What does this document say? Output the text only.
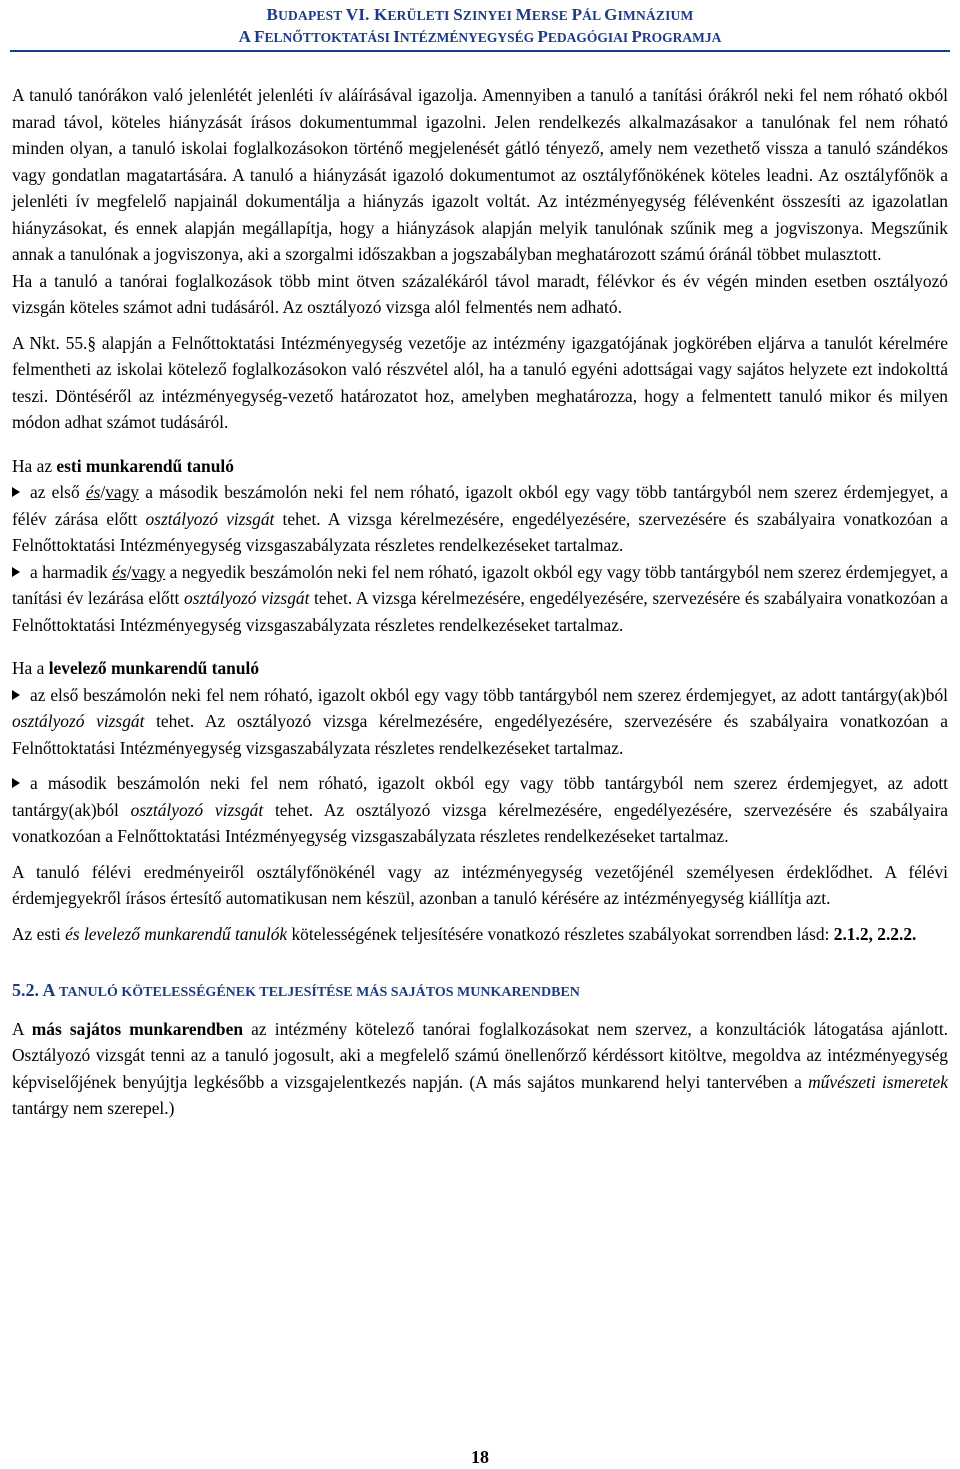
BUDAPEST VI. KERÜLETI SZINYEI MERSE PÁL GIMNÁZIUM
A FELNŐTTOKTATÁSI INTÉZMÉNYEGYSÉG PEDAGÓGIAI PROGRAMJA

A tanuló tanórákon való jelenlétét jelenléti ív aláírásával igazolja. Amennyiben a tanuló a tanítási órákról neki fel nem róható okból marad távol, köteles hiányzását írásos dokumentummal igazolni. Jelen rendelkezés alkalmazásakor a tanulónak fel nem róható minden olyan, a tanuló iskolai foglalkozásokon történő megjelenését gátló tényező, amely nem vezethető vissza a tanuló szándékos vagy gondatlan magatartására. A tanuló a hiányzását igazoló dokumentumot az osztályfőnökének köteles leadni. Az osztályfőnök a jelenléti ív megfelelő napjainál dokumentálja a hiányzás igazolt voltát. Az intézményegység félévenként összesíti az igazolatlan hiányzásokat, és ennek alapján megállapítja, hogy a hiányzások alapján melyik tanulónak szűnik meg a jogviszonya. Megszűnik annak a tanulónak a jogviszonya, aki a szorgalmi időszakban a jogszabályban meghatározott számú óránál többet mulasztott.

Ha a tanuló a tanórai foglalkozások több mint ötven százalékáról távol maradt, félévkor és év végén minden esetben osztályozó vizsgán köteles számot adni tudásáról. Az osztályozó vizsga alól felmentés nem adható.

A Nkt. 55.§ alapján a Felnőttoktatási Intézményegység vezetője az intézmény igazgatójának jogkörében eljárva a tanulót kérelmére felmentheti az iskolai kötelező foglalkozásokon való részvétel alól, ha a tanuló egyéni adottságai vagy sajátos helyzete ezt indokolttá teszi. Döntéséről az intézményegység-vezető határozatot hoz, amelyben meghatározza, hogy a felmentett tanuló mikor és milyen módon adhat számot tudásáról.

Ha az esti munkarendű tanuló

az első és/vagy a második beszámolón neki fel nem róható, igazolt okból egy vagy több tantárgyból nem szerez érdemjegyet, a félév zárása előtt osztályozó vizsgát tehet. A vizsga kérelmezésére, engedélyezésére, szervezésére és szabályaira vonatkozóan a Felnőttoktatási Intézményegység vizsgaszabályzata részletes rendelkezéseket tartalmaz.

a harmadik és/vagy a negyedik beszámolón neki fel nem róható, igazolt okból egy vagy több tantárgyból nem szerez érdemjegyet, a tanítási év lezárása előtt osztályozó vizsgát tehet. A vizsga kérelmezésére, engedélyezésére, szervezésére és szabályaira vonatkozóan a Felnőttoktatási Intézményegység vizsgaszabályzata részletes rendelkezéseket tartalmaz.

Ha a levelező munkarendű tanuló

az első beszámolón neki fel nem róható, igazolt okból egy vagy több tantárgyból nem szerez érdemjegyet, az adott tantárgy(ak)ból osztályozó vizsgát tehet. Az osztályozó vizsga kérelmezésére, engedélyezésére, szervezésére és szabályaira vonatkozóan a Felnőttoktatási Intézményegység vizsgaszabályzata részletes rendelkezéseket tartalmaz.

a második beszámolón neki fel nem róható, igazolt okból egy vagy több tantárgyból nem szerez érdemjegyet, az adott tantárgy(ak)ból osztályozó vizsgát tehet. Az osztályozó vizsga kérelmezésére, engedélyezésére, szervezésére és szabályaira vonatkozóan a Felnőttoktatási Intézményegység vizsgaszabályzata részletes rendelkezéseket tartalmaz.

A tanuló félévi eredményeiről osztályfőnökénél vagy az intézményegység vezetőjénél személyesen érdeklődhet. A félévi érdemjegyekről írásos értesítő automatikusan nem készül, azonban a tanuló kérésére az intézményegység kiállítja azt.

Az esti és levelező munkarendű tanulók kötelességének teljesítésére vonatkozó részletes szabályokat sorrendben lásd: 2.1.2, 2.2.2.

5.2. A TANULÓ KÖTELESSÉGÉNEK TELJESÍTÉSE MÁS SAJÁTOS MUNKARENDBEN

A más sajátos munkarendben az intézmény kötelező tanórai foglalkozásokat nem szervez, a konzultációk látogatása ajánlott. Osztályozó vizsgát tenni az a tanuló jogosult, aki a megfelelő számú önellenőrző kérdéssort kitöltve, megoldva az intézményegység képviselőjének benyújtja legkésőbb a vizsgajelentkezés napján. (A más sajátos munkarend helyi tantervében a művészeti ismeretek tantárgy nem szerepel.)

18
